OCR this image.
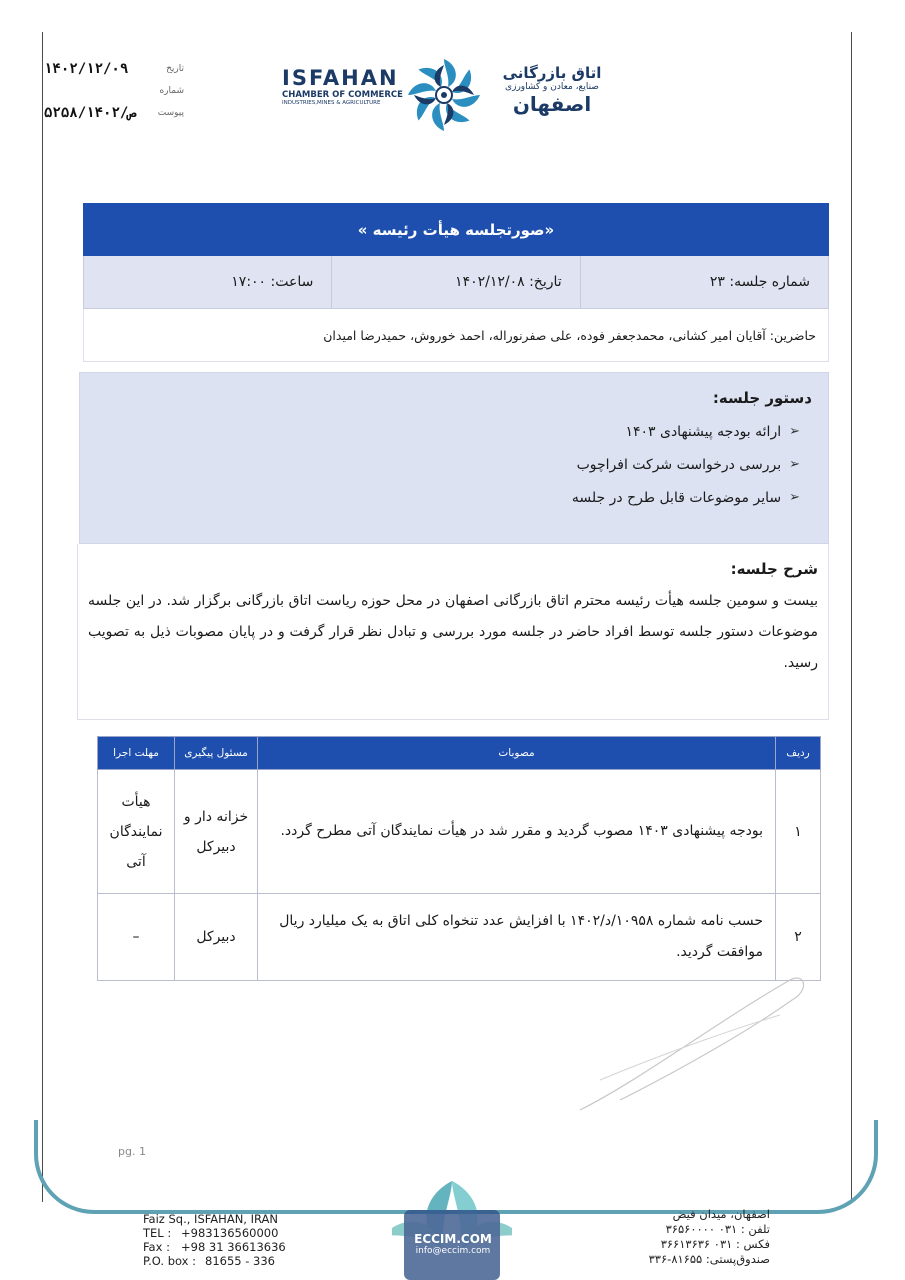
تاریخ
۱۴۰۲/۱۲/۰۹
شماره
پیوست
۵۲۵۸/ص/۱۴۰۲
ISFAHAN
CHAMBER OF COMMERCE
INDUSTRIES,MINES & AGRICULTURE
اتاق بازرگانی
صنایع، معادن و کشاورزی
اصفهان
«صورتجلسه هیأت رئیسه »
شماره جلسه: ۲۳
تاریخ: ۱۴۰۲/۱۲/۰۸
ساعت: ۱۷:۰۰
حاضرین: آقایان امیر کشانی، محمدجعفر فوده، علی صفرنوراله، احمد خوروش، حمیدرضا امیدان
دستور جلسه:
➢
ارائه بودجه پیشنهادی ۱۴۰۳
➢
بررسی درخواست شرکت افراچوب
➢
سایر موضوعات قابل طرح در جلسه
شرح جلسه:

بیست و سومین جلسه هیأت رئیسه محترم اتاق بازرگانی اصفهان در محل حوزه ریاست اتاق بازرگانی برگزار شد. در این جلسه موضوعات دستور جلسه توسط افراد حاضر در جلسه مورد بررسی و تبادل نظر قرار گرفت و در پایان مصوبات ذیل به تصویب رسید.

ردیف	مصوبات	مسئول پیگیری	مهلت اجرا
۱	بودجه پیشنهادی ۱۴۰۳ مصوب گردید و مقرر شد در هیأت نمایندگان آتی مطرح گردد.	خزانه دار و دبیرکل	هیأت نمایندگان آتی
۲	حسب نامه شماره ۱۰۹۵۸/د/۱۴۰۲ با افزایش عدد تنخواه کلی اتاق به یک میلیارد ریال موافقت گردید.	دبیرکل	–
pg. 1
Faiz Sq., ISFAHAN, IRAN
TEL : +983136560000
Fax : +98 31 36613636
P.O. box : 81655 - 336
ECCIM.COM
info@eccim.com
اصفهان، میدان فیض
تلفن : ۰۳۱ ۳۶۵۶۰۰۰۰
فکس : ۰۳۱ ۳۶۶۱۳۶۳۶
صندوق‌پستی: ۸۱۶۵۵-۳۳۶
